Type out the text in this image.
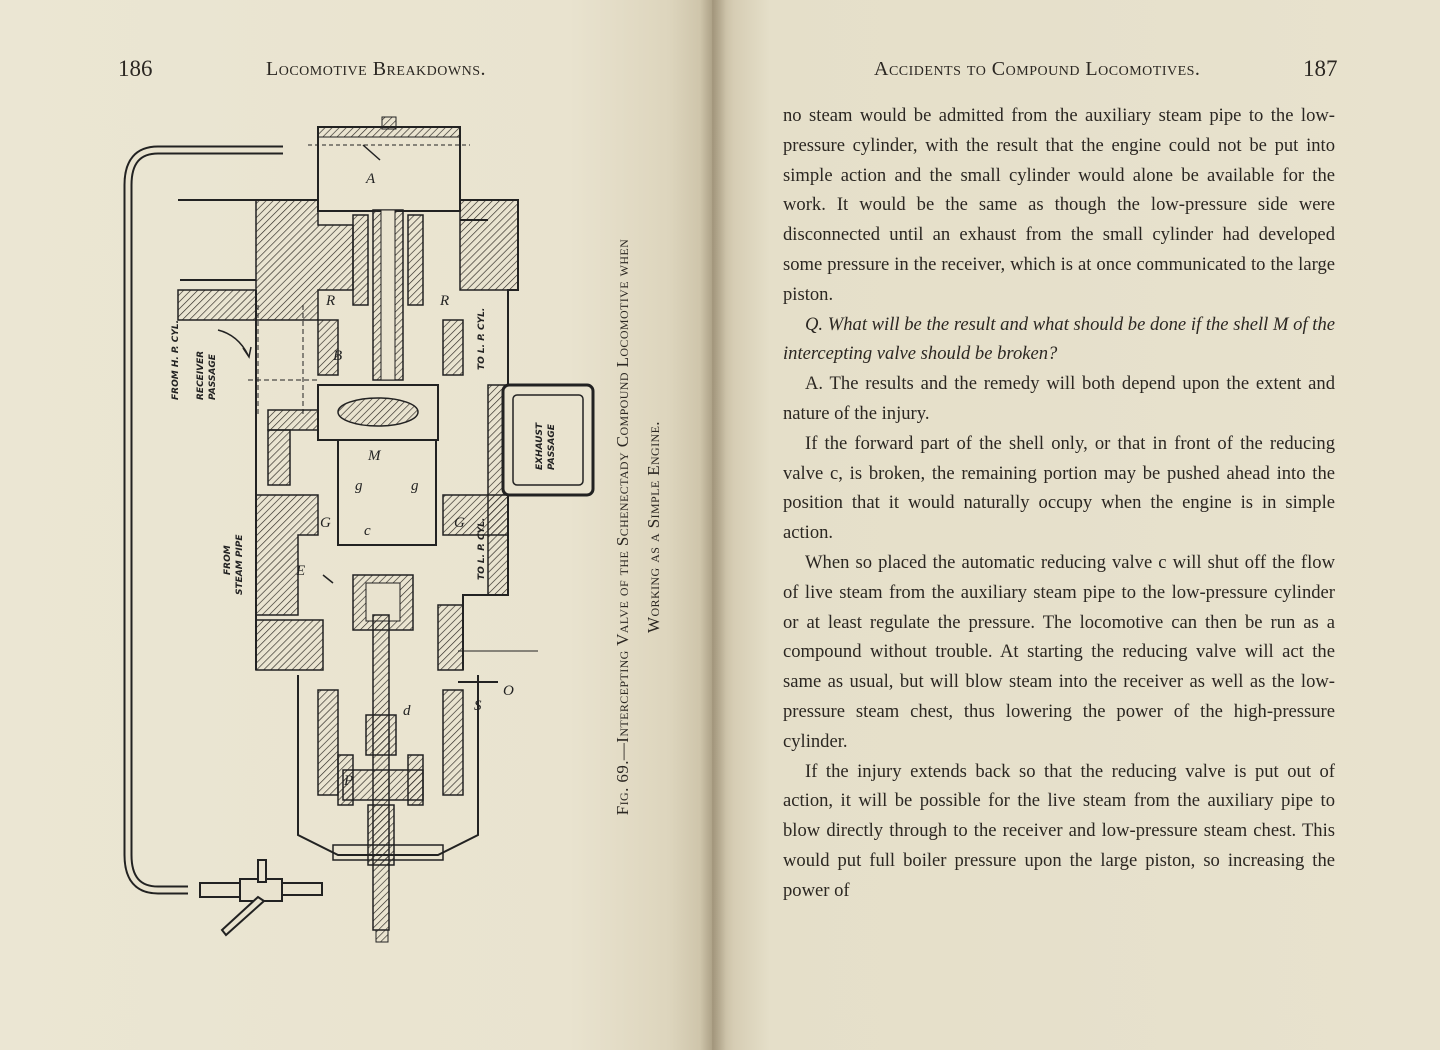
186	Locomotive Breakdowns.
FROM H. P. CYL. RECEIVER PASSAGE
TO L. P. CYL.
EXHAUST PASSAGE
FROM STEAM PIPE	TO L. P. CYL.
A
R	R
B
M
g	g
c
G	G
E
d
P
S
O	Fig. 69.—Intercepting Valve of the Schenectady Compound Locomotive when Working as a Simple Engine.
Accidents to Compound Locomotives.	187

no steam would be admitted from the auxiliary steam pipe to the low-pressure cylinder, with the result that the engine could not be put into simple action and the small cylinder would alone be available for the work. It would be the same as though the low-pressure side were disconnected until an exhaust from the small cylinder had developed some pressure in the receiver, which is at once communicated to the large piston.

Q. What will be the result and what should be done if the shell M of the intercepting valve should be broken?

A. The results and the remedy will both depend upon the extent and nature of the injury.

If the forward part of the shell only, or that in front of the reducing valve c, is broken, the remaining portion may be pushed ahead into the position that it would naturally occupy when the engine is in simple action.

When so placed the automatic reducing valve c will shut off the flow of live steam from the auxiliary steam pipe to the low-pressure cylinder or at least regulate the pressure. The locomotive can then be run as a compound without trouble. At starting the reducing valve will act the same as usual, but will blow steam into the receiver as well as the low-pressure steam chest, thus lowering the power of the high-pressure cylinder.

If the injury extends back so that the reducing valve is put out of action, it will be possible for the live steam from the auxiliary pipe to blow directly through to the receiver and low-pressure steam chest. This would put full boiler pressure upon the large piston, so increasing the power of
